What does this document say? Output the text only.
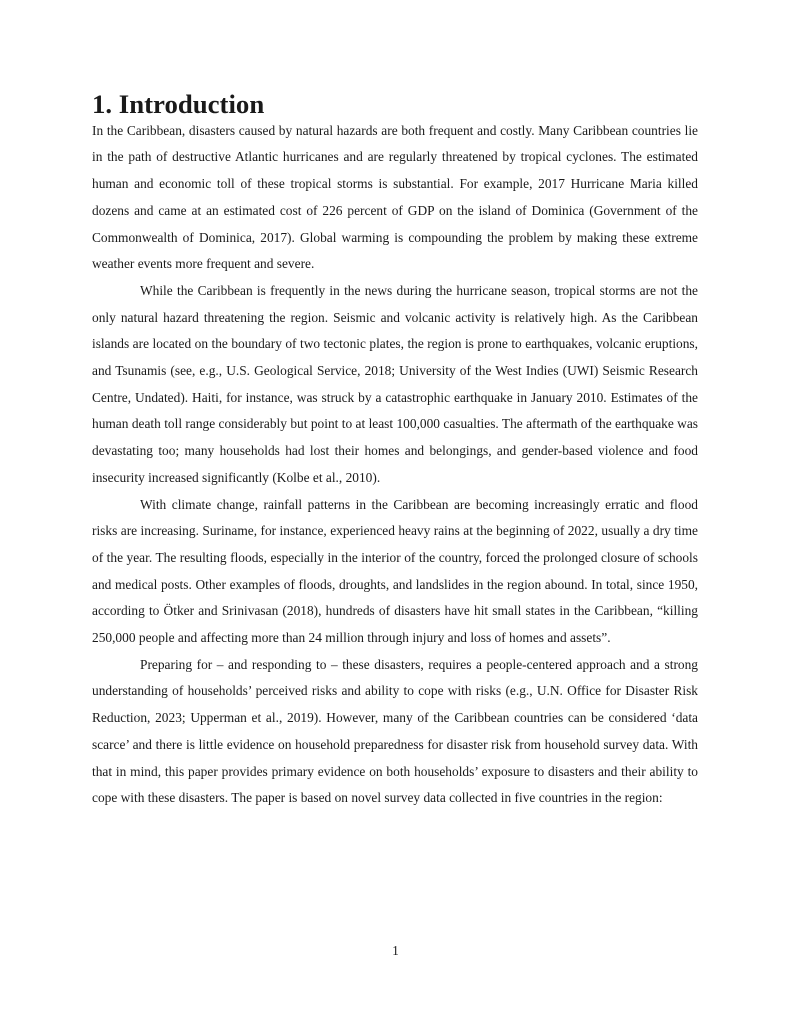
1. Introduction

In the Caribbean, disasters caused by natural hazards are both frequent and costly. Many Caribbean countries lie in the path of destructive Atlantic hurricanes and are regularly threatened by tropical cyclones. The estimated human and economic toll of these tropical storms is substantial. For example, 2017 Hurricane Maria killed dozens and came at an estimated cost of 226 percent of GDP on the island of Dominica (Government of the Commonwealth of Dominica, 2017). Global warming is compounding the problem by making these extreme weather events more frequent and severe.

While the Caribbean is frequently in the news during the hurricane season, tropical storms are not the only natural hazard threatening the region. Seismic and volcanic activity is relatively high. As the Caribbean islands are located on the boundary of two tectonic plates, the region is prone to earthquakes, volcanic eruptions, and Tsunamis (see, e.g., U.S. Geological Service, 2018; University of the West Indies (UWI) Seismic Research Centre, Undated). Haiti, for instance, was struck by a catastrophic earthquake in January 2010. Estimates of the human death toll range considerably but point to at least 100,000 casualties. The aftermath of the earthquake was devastating too; many households had lost their homes and belongings, and gender-based violence and food insecurity increased significantly (Kolbe et al., 2010).

With climate change, rainfall patterns in the Caribbean are becoming increasingly erratic and flood risks are increasing. Suriname, for instance, experienced heavy rains at the beginning of 2022, usually a dry time of the year. The resulting floods, especially in the interior of the country, forced the prolonged closure of schools and medical posts. Other examples of floods, droughts, and landslides in the region abound. In total, since 1950, according to Ötker and Srinivasan (2018), hundreds of disasters have hit small states in the Caribbean, “killing 250,000 people and affecting more than 24 million through injury and loss of homes and assets”.

Preparing for – and responding to – these disasters, requires a people-centered approach and a strong understanding of households’ perceived risks and ability to cope with risks (e.g., U.N. Office for Disaster Risk Reduction, 2023; Upperman et al., 2019). However, many of the Caribbean countries can be considered ‘data scarce’ and there is little evidence on household preparedness for disaster risk from household survey data. With that in mind, this paper provides primary evidence on both households’ exposure to disasters and their ability to cope with these disasters. The paper is based on novel survey data collected in five countries in the region:

1
